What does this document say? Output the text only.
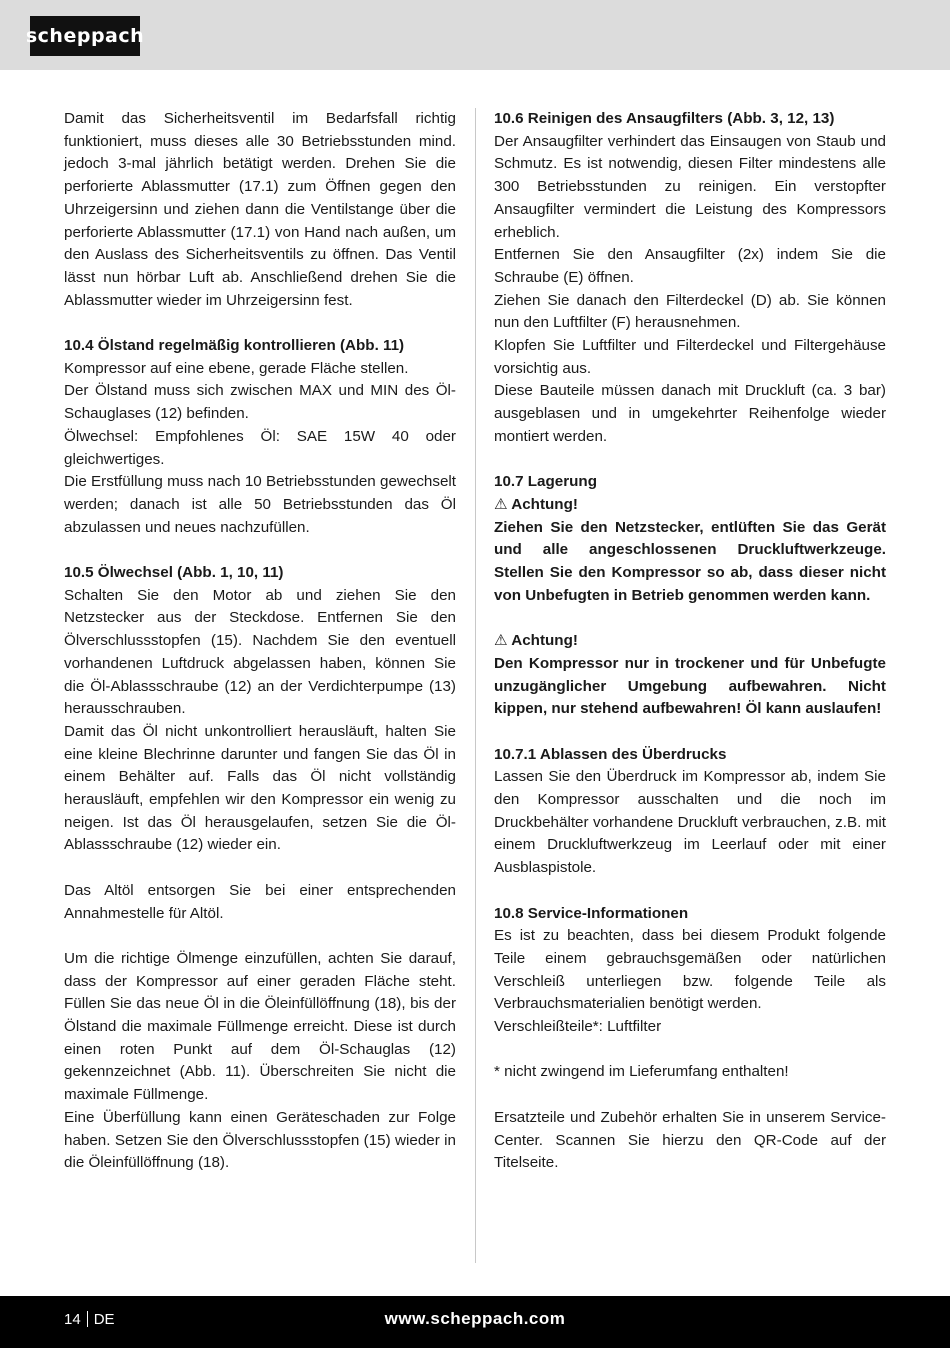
scheppach

Damit das Sicherheitsventil im Bedarfsfall richtig funktioniert, muss dieses alle 30 Betriebsstunden mind. jedoch 3-mal jährlich betätigt werden. Drehen Sie die perforierte Ablassmutter (17.1) zum Öffnen gegen den Uhrzeigersinn und ziehen dann die Ventilstange über die perforierte Ablassmutter (17.1) von Hand nach außen, um den Auslass des Sicherheitsventils zu öffnen. Das Ventil lässt nun hörbar Luft ab. Anschließend drehen Sie die Ablassmutter wieder im Uhrzeigersinn fest.

10.4 Ölstand regelmäßig kontrollieren (Abb. 11)

Kompressor auf eine ebene, gerade Fläche stellen.

Der Ölstand muss sich zwischen MAX und MIN des Öl-Schauglases (12) befinden.

Ölwechsel: Empfohlenes Öl: SAE 15W 40 oder gleichwertiges.

Die Erstfüllung muss nach 10 Betriebsstunden gewechselt werden; danach ist alle 50 Betriebsstunden das Öl abzulassen und neues nachzufüllen.

10.5 Ölwechsel (Abb. 1, 10, 11)

Schalten Sie den Motor ab und ziehen Sie den Netzstecker aus der Steckdose. Entfernen Sie den Ölverschlussstopfen (15). Nachdem Sie den eventuell vorhandenen Luftdruck abgelassen haben, können Sie die Öl-Ablassschraube (12) an der Verdichterpumpe (13) herausschrauben.

Damit das Öl nicht unkontrolliert herausläuft, halten Sie eine kleine Blechrinne darunter und fangen Sie das Öl in einem Behälter auf. Falls das Öl nicht vollständig herausläuft, empfehlen wir den Kompressor ein wenig zu neigen. Ist das Öl herausgelaufen, setzen Sie die Öl-Ablassschraube (12) wieder ein.

Das Altöl entsorgen Sie bei einer entsprechenden Annahmestelle für Altöl.

Um die richtige Ölmenge einzufüllen, achten Sie darauf, dass der Kompressor auf einer geraden Fläche steht. Füllen Sie das neue Öl in die Öleinfüllöffnung (18), bis der Ölstand die maximale Füllmenge erreicht. Diese ist durch einen roten Punkt auf dem Öl-Schauglas (12) gekennzeichnet (Abb. 11). Überschreiten Sie nicht die maximale Füllmenge.

Eine Überfüllung kann einen Geräteschaden zur Folge haben. Setzen Sie den Ölverschlussstopfen (15) wieder in die Öleinfüllöffnung (18).

10.6 Reinigen des Ansaugfilters (Abb. 3, 12, 13)

Der Ansaugfilter verhindert das Einsaugen von Staub und Schmutz. Es ist notwendig, diesen Filter mindestens alle 300 Betriebsstunden zu reinigen. Ein verstopfter Ansaugfilter vermindert die Leistung des Kompressors erheblich.

Entfernen Sie den Ansaugfilter (2x) indem Sie die Schraube (E) öffnen.

Ziehen Sie danach den Filterdeckel (D) ab. Sie können nun den Luftfilter (F) herausnehmen.

Klopfen Sie Luftfilter und Filterdeckel und Filtergehäuse vorsichtig aus.

Diese Bauteile müssen danach mit Druckluft (ca. 3 bar) ausgeblasen und in umgekehrter Reihenfolge wieder montiert werden.

10.7 Lagerung

⚠ Achtung!

Ziehen Sie den Netzstecker, entlüften Sie das Gerät und alle angeschlossenen Druckluftwerkzeuge. Stellen Sie den Kompressor so ab, dass dieser nicht von Unbefugten in Betrieb genommen werden kann.

⚠ Achtung!

Den Kompressor nur in trockener und für Unbefugte unzugänglicher Umgebung aufbewahren. Nicht kippen, nur stehend aufbewahren! Öl kann auslaufen!

10.7.1 Ablassen des Überdrucks

Lassen Sie den Überdruck im Kompressor ab, indem Sie den Kompressor ausschalten und die noch im Druckbehälter vorhandene Druckluft verbrauchen, z.B. mit einem Druckluftwerkzeug im Leerlauf oder mit einer Ausblaspistole.

10.8 Service-Informationen

Es ist zu beachten, dass bei diesem Produkt folgende Teile einem gebrauchsgemäßen oder natürlichen Verschleiß unterliegen bzw. folgende Teile als Verbrauchsmaterialien benötigt werden.

Verschleißteile*: Luftfilter

* nicht zwingend im Lieferumfang enthalten!

Ersatzteile und Zubehör erhalten Sie in unserem Service-Center. Scannen Sie hierzu den QR-Code auf der Titelseite.

14 DE	www.scheppach.com
